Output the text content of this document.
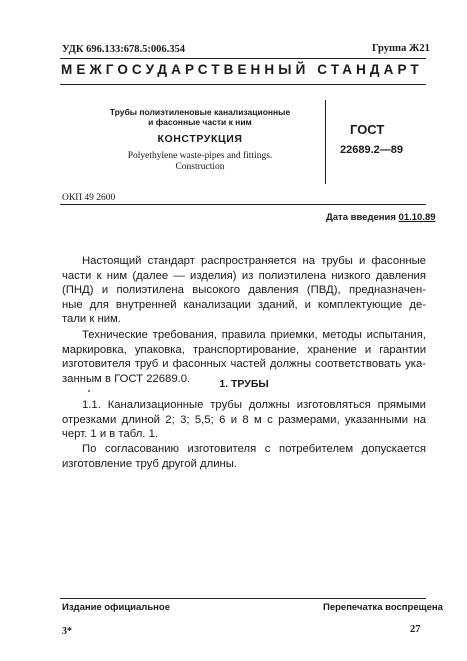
УДК 696.133:678.5:006.354	Группа Ж21
МЕЖГОСУДАРСТВЕННЫЙ СТАНДАРТ
Трубы полиэтиленовые канализационные
и фасонные части к ним
КОНСТРУКЦИЯ
Polyethylene waste-pipes and fittings.
Construction
ГОСТ
22689.2—89
ОКП 49 2600
Дата введения 01.10.89
Настоящий стандарт распространяется на трубы и фасонные
части к ним (далее — изделия) из полиэтилена низкого давления
(ПНД) и полиэтилена высокого давления (ПВД), предназначен-
ные для внутренней канализации зданий, и комплектующие де-
тали к ним.
Технические требования, правила приемки, методы испытания,
маркировка, упаковка, транспортирование, хранение и гарантии
изготовителя труб и фасонных частей должны соответствовать ука-
занным в ГОСТ 22689.0.	1. ТРУБЫ
1.1. Канализационные трубы должны изготовляться прямыми
отрезками длиной 2; 3; 5,5; 6 и 8 м с размерами, указанными на
черт. 1 и в табл. 1.
По согласованию изготовителя с потребителем допускается
изготовление труб другой длины.
Издание официальное	Перепечатка воспрещена
3*	27
